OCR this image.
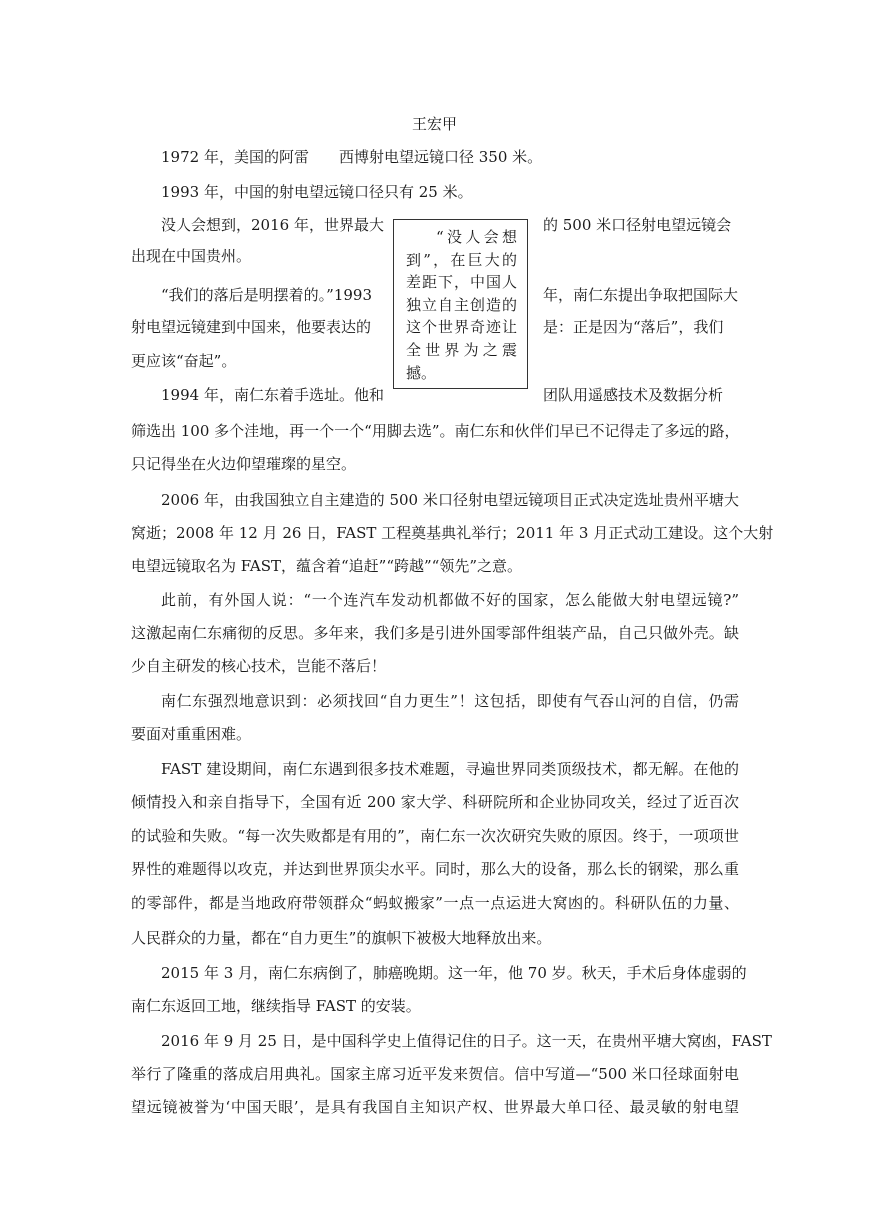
王宏甲
1972 年，美国的阿雷	西博射电望远镜口径 350 米。
1993 年，中国的射电望远镜口径只有 25 米。
没人会想到，2016 年，世界最大	的 500 米口径射电望远镜会
出现在中国贵州。
“我们的落后是明摆着的。”1993	年，南仁东提出争取把国际大
射电望远镜建到中国来，他要表达的	是：正是因为“落后”，我们
更应该“奋起”。
1994 年，南仁东着手选址。他和	团队用遥感技术及数据分析

“没人会想到”，在巨大的差距下，中国人独立自主创造的这个世界奇迹让全世界为之震撼。

筛选出 100 多个洼地，再一个一个“用脚去选”。南仁东和伙伴们早已不记得走了多远的路，
只记得坐在火边仰望璀璨的星空。
2006 年，由我国独立自主建造的 500 米口径射电望远镜项目正式决定选址贵州平塘大
窝逝；2008 年 12 月 26 日，FAST 工程奠基典礼举行；2011 年 3 月正式动工建设。这个大射
电望远镜取名为 FAST，蕴含着“追赶”“跨越”“领先”之意。
此前，有外国人说：“一个连汽车发动机都做不好的国家，怎么能做大射电望远镜?”
这激起南仁东痛彻的反思。多年来，我们多是引进外国零部件组装产品，自己只做外壳。缺
少自主研发的核心技术，岂能不落后！
南仁东强烈地意识到：必须找回“自力更生”！这包括，即使有气吞山河的自信，仍需
要面对重重困难。
FAST 建设期间，南仁东遇到很多技术难题，寻遍世界同类顶级技术，都无解。在他的
倾情投入和亲自指导下，全国有近 200 家大学、科研院所和企业协同攻关，经过了近百次
的试验和失败。“每一次失败都是有用的”，南仁东一次次研究失败的原因。终于，一项项世
界性的难题得以攻克，并达到世界顶尖水平。同时，那么大的设备，那么长的钢梁，那么重
的零部件，都是当地政府带领群众“蚂蚁搬家”一点一点运进大窝凼的。科研队伍的力量、
人民群众的力量，都在“自力更生”的旗帜下被极大地释放出来。
2015 年 3 月，南仁东病倒了，肺癌晚期。这一年，他 70 岁。秋天，手术后身体虚弱的
南仁东返回工地，继续指导 FAST 的安装。
2016 年 9 月 25 日，是中国科学史上值得记住的日子。这一天，在贵州平塘大窝凼，FAST
举行了隆重的落成启用典礼。国家主席习近平发来贺信。信中写道—“500 米口径球面射电
望远镜被誉为‘中国天眼’，是具有我国自主知识产权、世界最大单口径、最灵敏的射电望
